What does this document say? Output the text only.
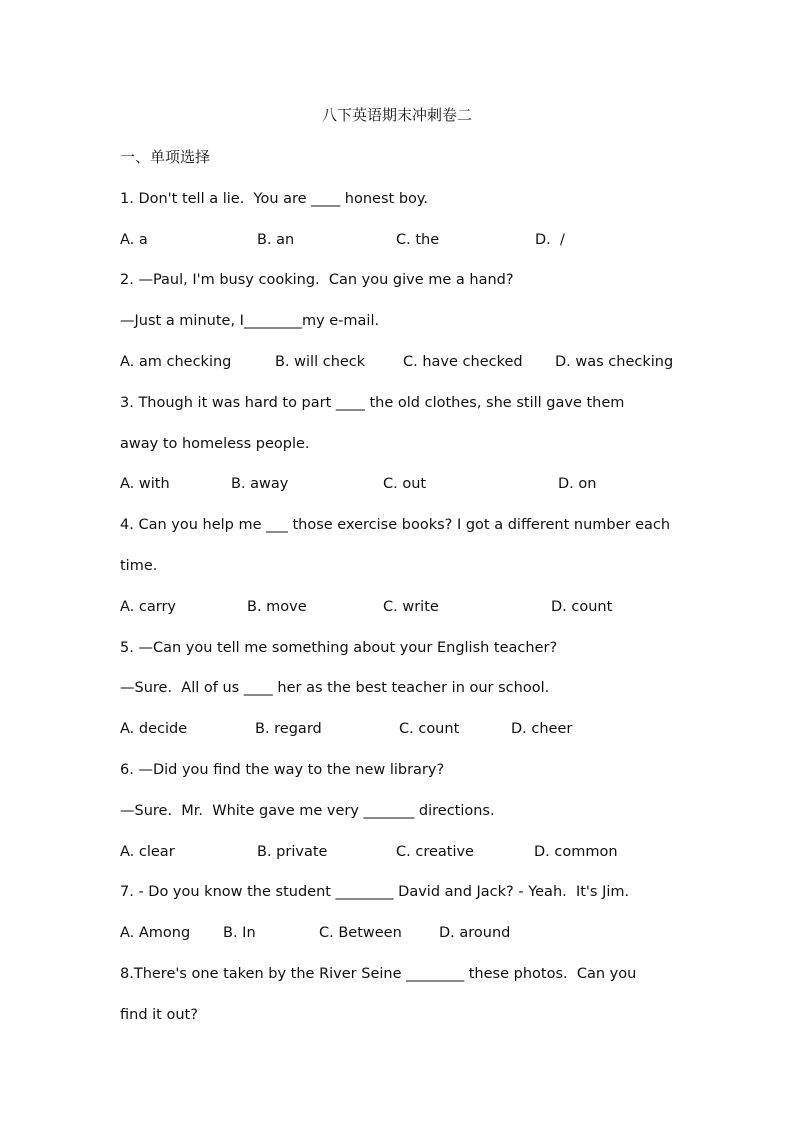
八下英语期末冲刺卷二
一、单项选择
1. Don't tell a lie.  You are ____ honest boy.

A. a

	B. an

	C. the

	D.  /

2. —Paul, I'm busy cooking.  Can you give me a hand?
—Just a minute, I________my e-mail.

A. am checking

	B. will check

	C. have checked

D. was checking

3. Though it was hard to part ____ the old clothes, she still gave them
away to homeless people.

A. with

	B. away

	C. out

	D. on

4. Can you help me ___ those exercise books? I got a different number each
time.

A. carry

	B. move

	C. write

	D. count

5. —Can you tell me something about your English teacher?
—Sure.  All of us ____ her as the best teacher in our school.

A. decide

	B. regard

	C. count

	D. cheer

6. —Did you find the way to the new library?
—Sure.  Mr.  White gave me very _______ directions.

A. clear

	B. private

	C. creative

	D. common

7. - Do you know the student ________ David and Jack? - Yeah.  It's Jim.

A. Among

B. In

	C. Between

	D. around

8.There's one taken by the River Seine ________ these photos.  Can you
find it out?
